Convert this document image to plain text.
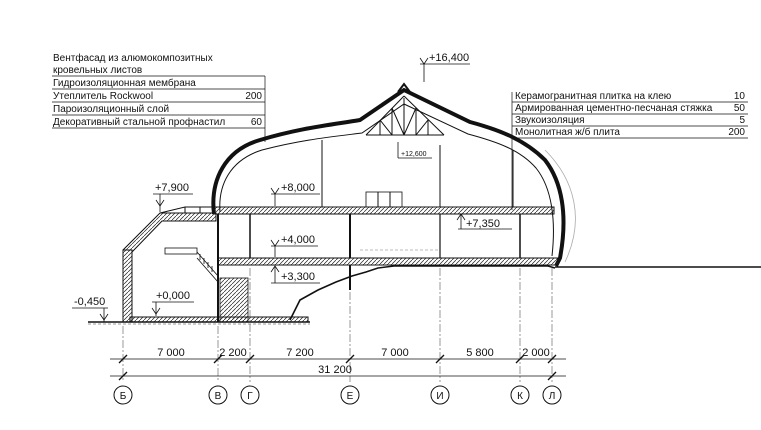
7 000	2 200	7 200	7 000	5 800	2 000
31 200
Б	В	Г	Е	И	К	Л
+16,400
+12,600
+7,900	+8,000
+7,350
+4,000
+3,300
+0,000
-0,450
Вентфасад из алюмокомпозитных
кровельных листов
Гидроизоляционная мембрана
Утеплитель Rockwool	200
Пароизоляционный слой
Декоративный стальной профнастил	60
Керамогранитная плитка на клею	10
Армированная цементно-песчаная стяжка 50
Звукоизоляция	5
Монолитная ж/б плита	200
